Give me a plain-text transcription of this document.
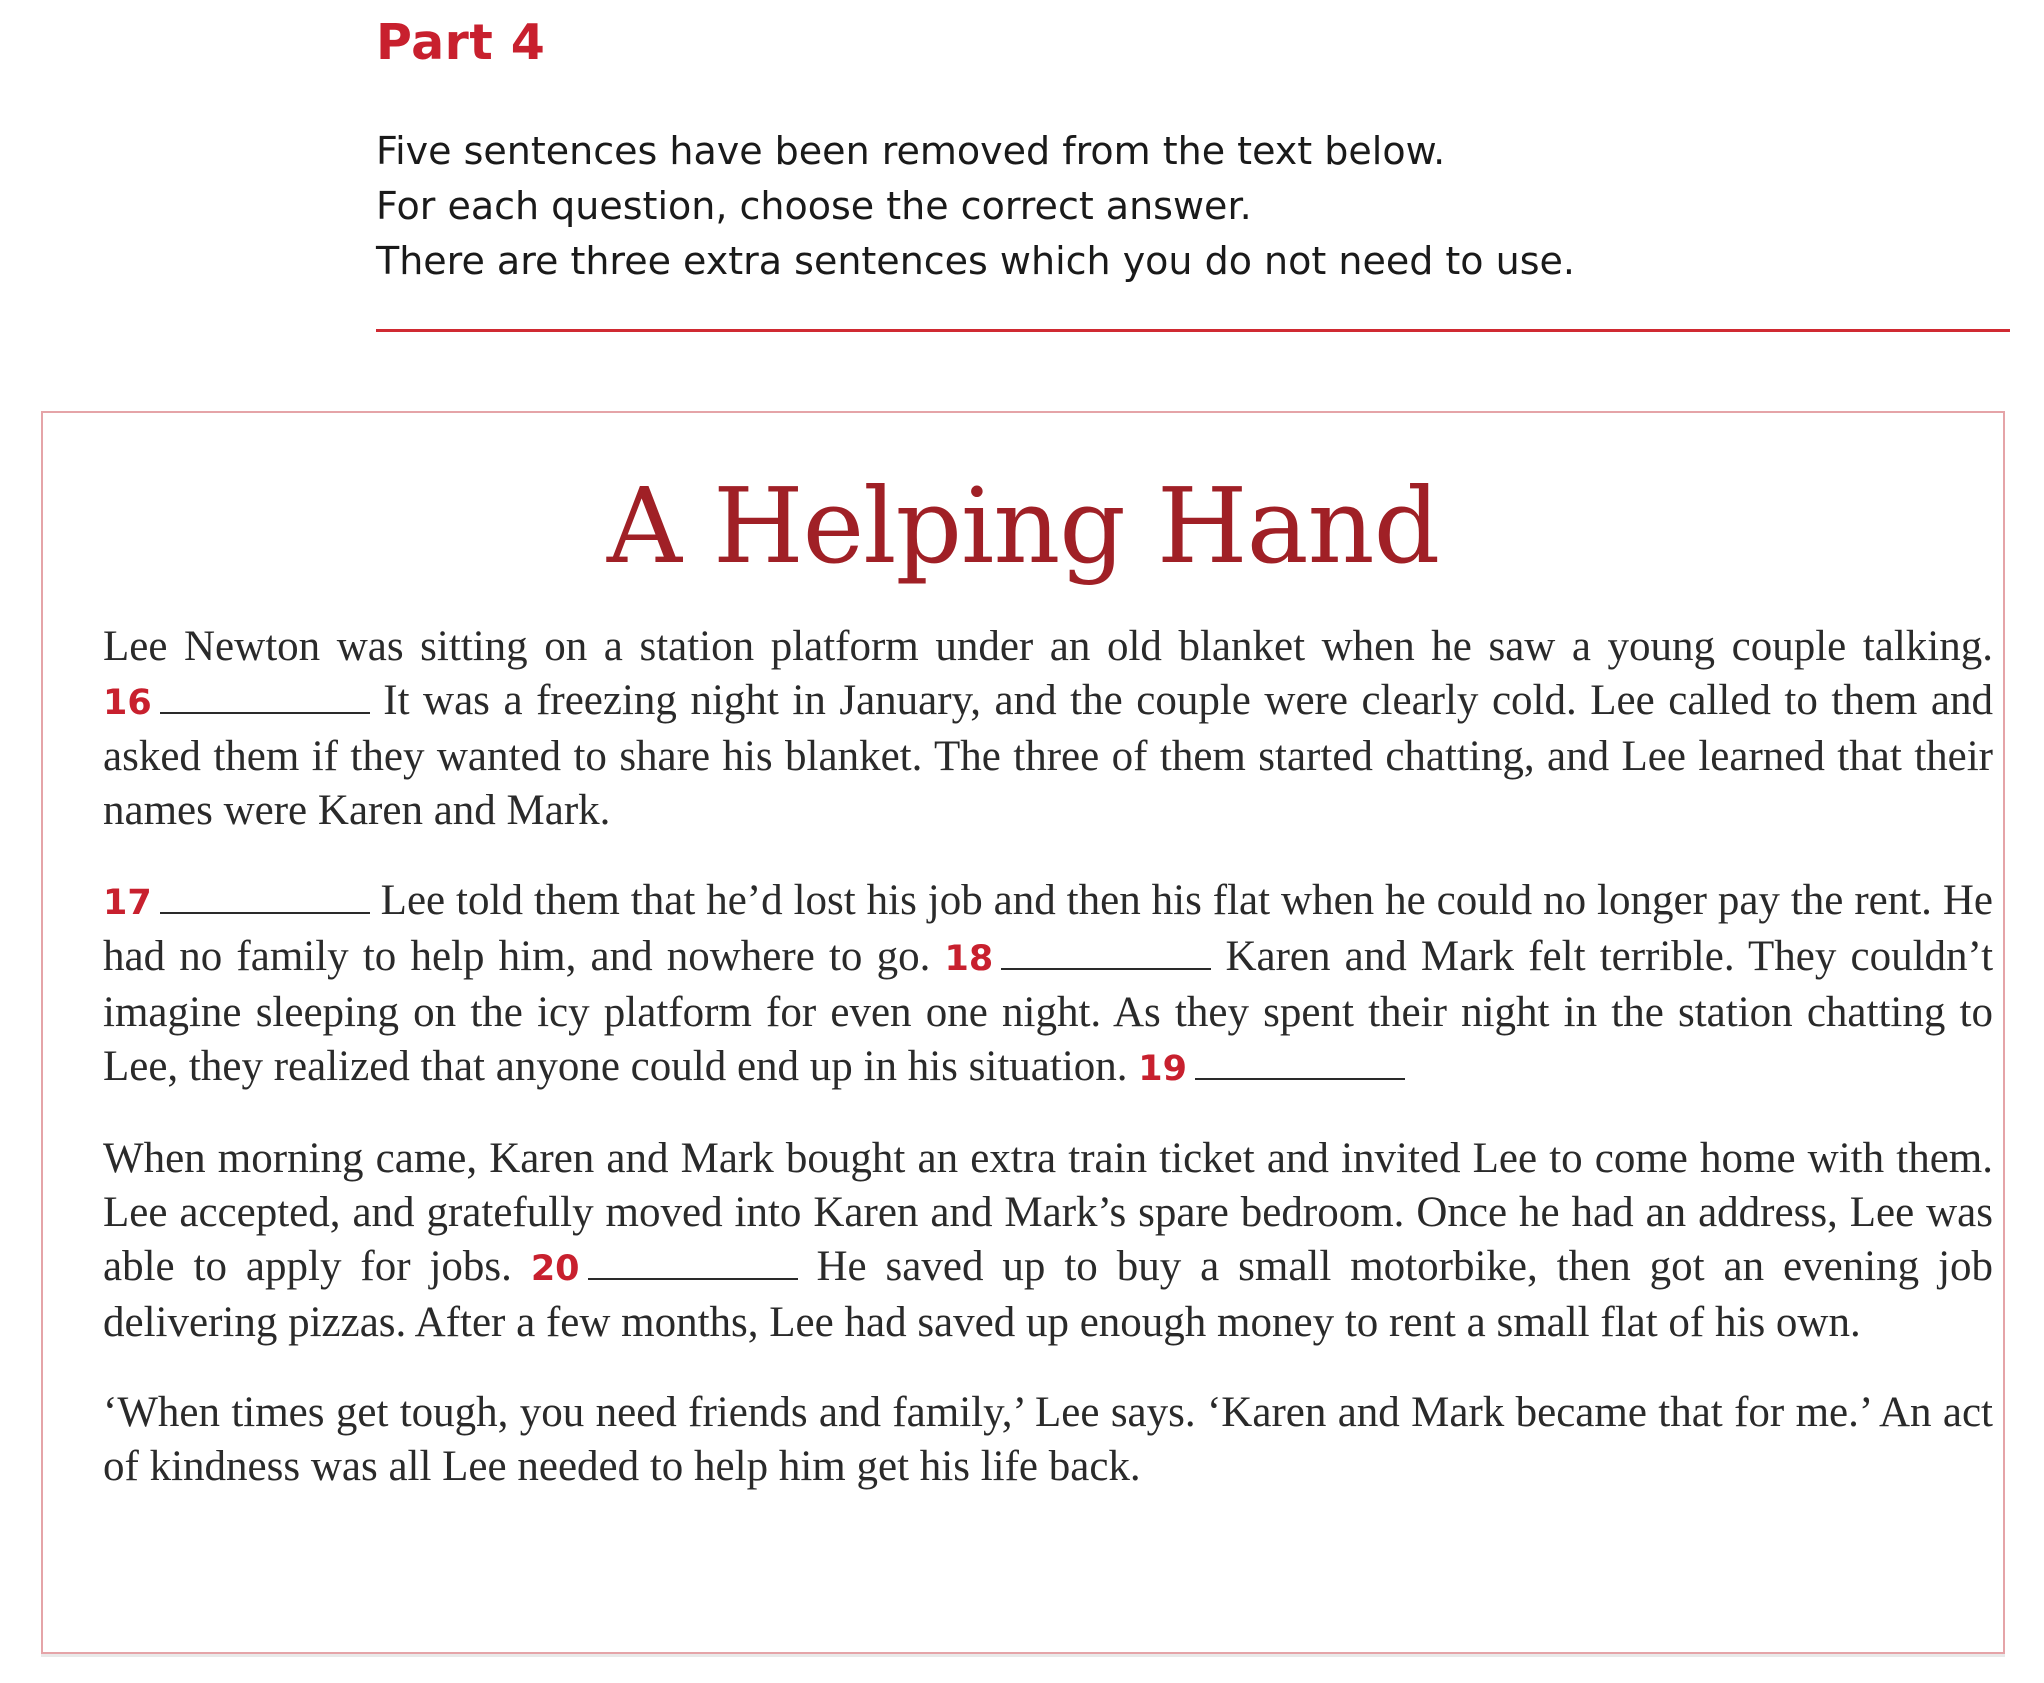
Part 4

Five sentences have been removed from the text below.

For each question, choose the correct answer.

There are three extra sentences which you do not need to use.

A Helping Hand

Lee Newton was sitting on a station platform under an old blanket when he saw a young couple talking. 16	It was a freezing night in January, and the couple were clearly cold. Lee called to them and asked them if they wanted to share his blanket. The three of them started chatting, and Lee learned that their names were Karen and Mark.

17	Lee told them that he’d lost his job and then his flat when he could no longer pay the rent. He had no family to help him, and nowhere to go. 18	Karen and Mark felt terrible. They couldn’t imagine sleeping on the icy platform for even one night. As they spent their night in the station chatting to Lee, they realized that anyone could end up in his situation. 19

When morning came, Karen and Mark bought an extra train ticket and invited Lee to come home with them. Lee accepted, and gratefully moved into Karen and Mark’s spare bedroom. Once he had an address, Lee was able to apply for jobs. 20	He saved up to buy a small motorbike, then got an evening job delivering pizzas. After a few months, Lee had saved up enough money to rent a small flat of his own.

‘When times get tough, you need friends and family,’ Lee says. ‘Karen and Mark became that for me.’ An act of kindness was all Lee needed to help him get his life back.
